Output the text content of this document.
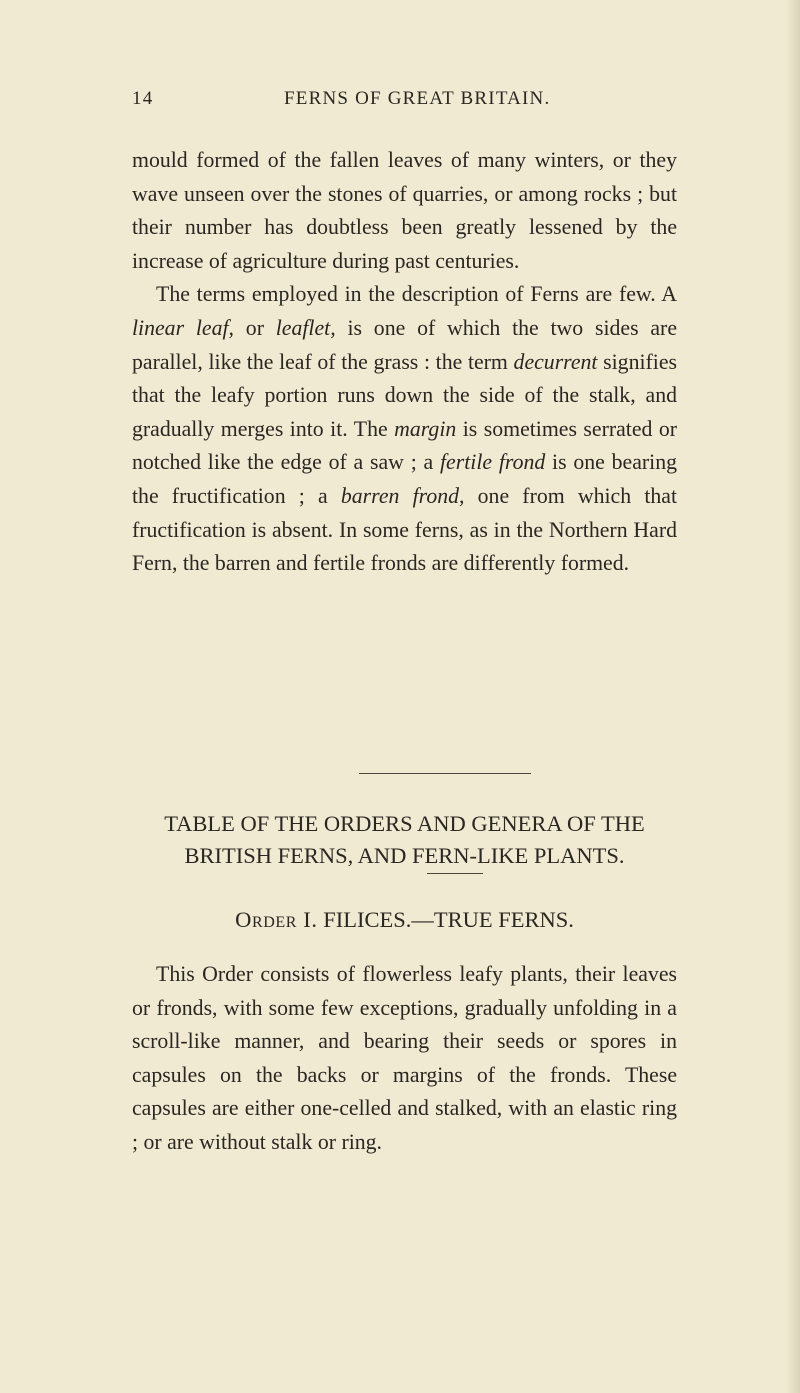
14	FERNS OF GREAT BRITAIN.

mould formed of the fallen leaves of many winters, or they wave unseen over the stones of quarries, or among rocks ; but their number has doubtless been greatly lessened by the increase of agriculture during past centuries.

The terms employed in the description of Ferns are few. A linear leaf, or leaflet, is one of which the two sides are parallel, like the leaf of the grass : the term decurrent signifies that the leafy portion runs down the side of the stalk, and gradually merges into it. The margin is sometimes serrated or notched like the edge of a saw ; a fertile frond is one bearing the fructification ; a barren frond, one from which that fructification is absent. In some ferns, as in the Northern Hard Fern, the barren and fertile fronds are differently formed.

TABLE OF THE ORDERS AND GENERA OF THE
BRITISH FERNS, AND FERN-LIKE PLANTS.
Order I. FILICES.—TRUE FERNS.

This Order consists of flowerless leafy plants, their leaves or fronds, with some few exceptions, gradually unfolding in a scroll-like manner, and bearing their seeds or spores in capsules on the backs or margins of the fronds. These capsules are either one-celled and stalked, with an elastic ring ; or are without stalk or ring.
